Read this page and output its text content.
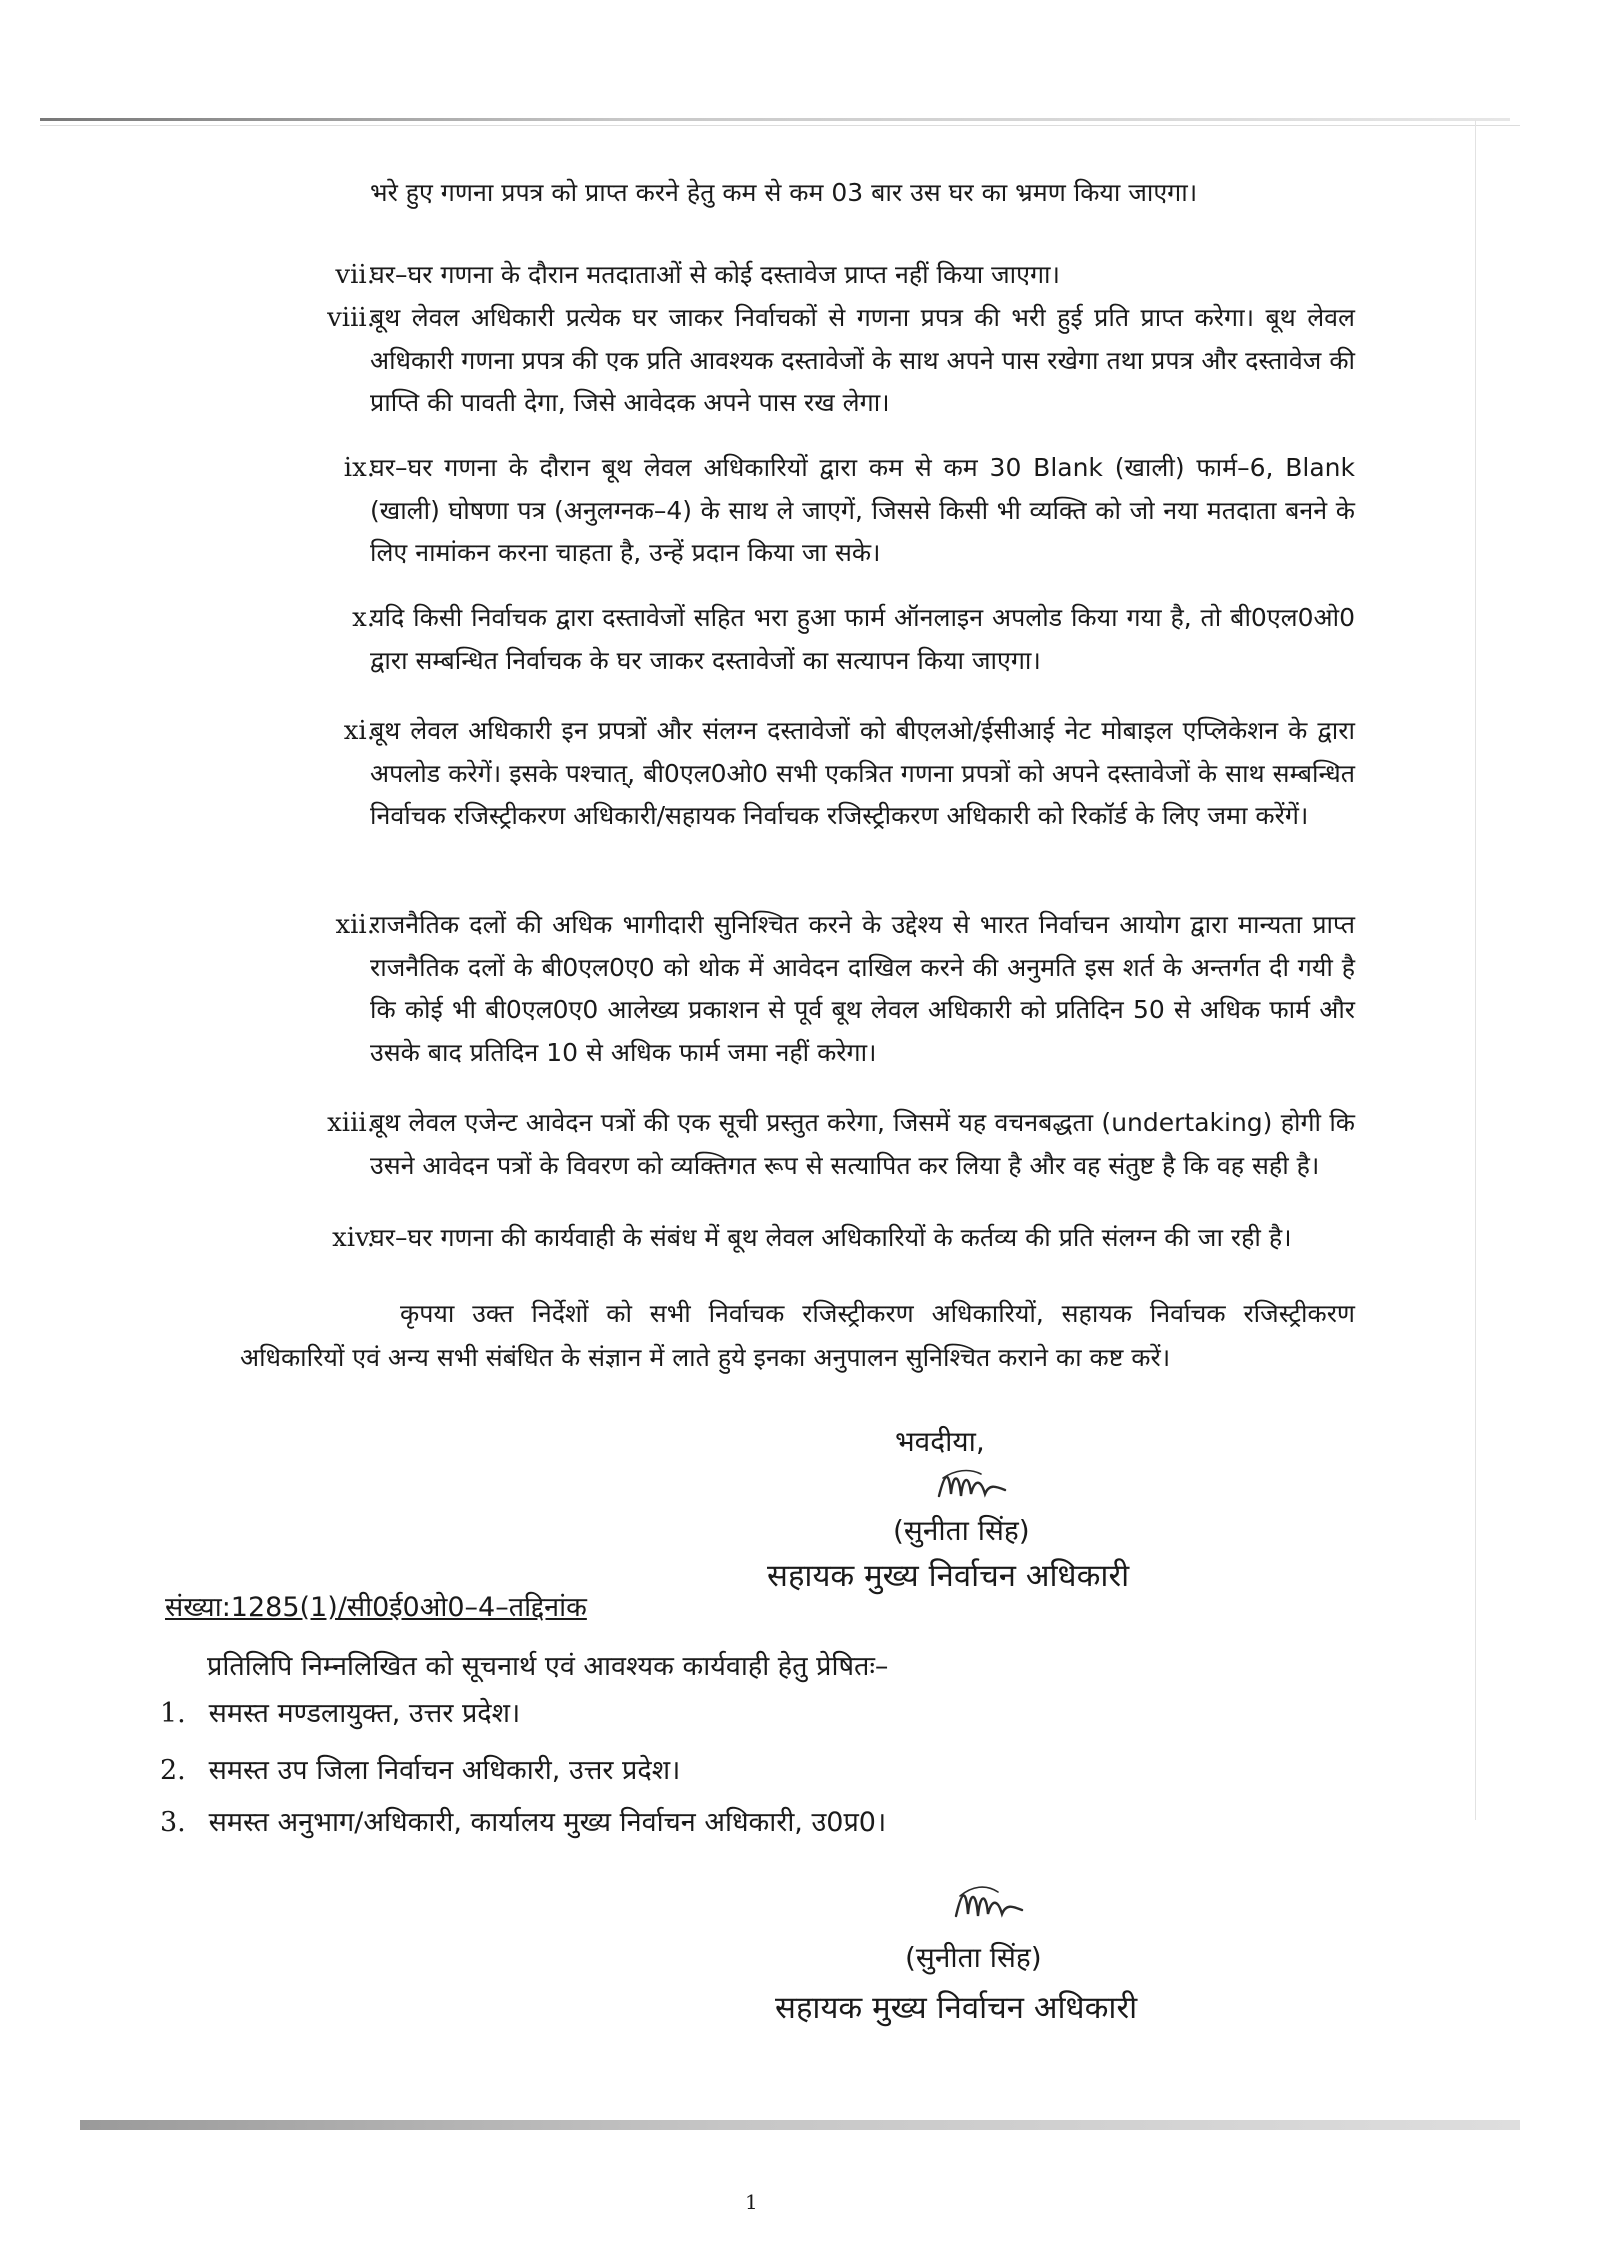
भरे हुए गणना प्रपत्र को प्राप्त करने हेतु कम से कम 03 बार उस घर का भ्रमण किया जाएगा।

vii.

घर–घर गणना के दौरान मतदाताओं से कोई दस्तावेज प्राप्त नहीं किया जाएगा।

viii.

बूथ लेवल अधिकारी प्रत्येक घर जाकर निर्वाचकों से गणना प्रपत्र की भरी हुई प्रति प्राप्त करेगा। बूथ लेवल अधिकारी गणना प्रपत्र की एक प्रति आवश्यक दस्तावेजों के साथ अपने पास रखेगा तथा प्रपत्र और दस्तावेज की प्राप्ति की पावती देगा, जिसे आवेदक अपने पास रख लेगा।

ix.

घर–घर गणना के दौरान बूथ लेवल अधिकारियों द्वारा कम से कम 30 Blank (खाली) फार्म–6, Blank (खाली) घोषणा पत्र (अनुलग्नक–4) के साथ ले जाएगें, जिससे किसी भी व्यक्ति को जो नया मतदाता बनने के लिए नामांकन करना चाहता है, उन्हें प्रदान किया जा सके।

x.

यदि किसी निर्वाचक द्वारा दस्तावेजों सहित भरा हुआ फार्म ऑनलाइन अपलोड किया गया है, तो बी0एल0ओ0 द्वारा सम्बन्धित निर्वाचक के घर जाकर दस्तावेजों का सत्यापन किया जाएगा।

xi.

बूथ लेवल अधिकारी इन प्रपत्रों और संलग्न दस्तावेजों को बीएलओ/ईसीआई नेट मोबाइल एप्लिकेशन के द्वारा अपलोड करेगें। इसके पश्चात्, बी0एल0ओ0 सभी एकत्रित गणना प्रपत्रों को अपने दस्तावेजों के साथ सम्बन्धित निर्वाचक रजिस्ट्रीकरण अधिकारी/सहायक निर्वाचक रजिस्ट्रीकरण अधिकारी को रिकॉर्ड के लिए जमा करेंगें।

xii.

राजनैतिक दलों की अधिक भागीदारी सुनिश्चित करने के उद्देश्य से भारत निर्वाचन आयोग द्वारा मान्यता प्राप्त राजनैतिक दलों के बी0एल0ए0 को थोक में आवेदन दाखिल करने की अनुमति इस शर्त के अन्तर्गत दी गयी है कि कोई भी बी0एल0ए0 आलेख्य प्रकाशन से पूर्व बूथ लेवल अधिकारी को प्रतिदिन 50 से अधिक फार्म और उसके बाद प्रतिदिन 10 से अधिक फार्म जमा नहीं करेगा।

xiii.

बूथ लेवल एजेन्ट आवेदन पत्रों की एक सूची प्रस्तुत करेगा, जिसमें यह वचनबद्धता (undertaking) होगी कि उसने आवेदन पत्रों के विवरण को व्यक्तिगत रूप से सत्यापित कर लिया है और वह संतुष्ट है कि वह सही है।

xiv.

घर–घर गणना की कार्यवाही के संबंध में बूथ लेवल अधिकारियों के कर्तव्य की प्रति संलग्न की जा रही है।

कृपया उक्त निर्देशों को सभी निर्वाचक रजिस्ट्रीकरण अधिकारियों, सहायक निर्वाचक रजिस्ट्रीकरण अधिकारियों एवं अन्य सभी संबंधित के संज्ञान में लाते हुये इनका अनुपालन सुनिश्चित कराने का कष्ट करें।

भवदीया,
(सुनीता सिंह)
सहायक मुख्य निर्वाचन अधिकारी
संख्या:1285(1)/सी0ई0ओ0–4–तद्दिनांक
प्रतिलिपि निम्नलिखित को सूचनार्थ एवं आवश्यक कार्यवाही हेतु प्रेषितः–
1. समस्त मण्डलायुक्त, उत्तर प्रदेश।
2. समस्त उप जिला निर्वाचन अधिकारी, उत्तर प्रदेश।
3. समस्त अनुभाग/अधिकारी, कार्यालय मुख्य निर्वाचन अधिकारी, उ0प्र0।
(सुनीता सिंह)
सहायक मुख्य निर्वाचन अधिकारी
1
